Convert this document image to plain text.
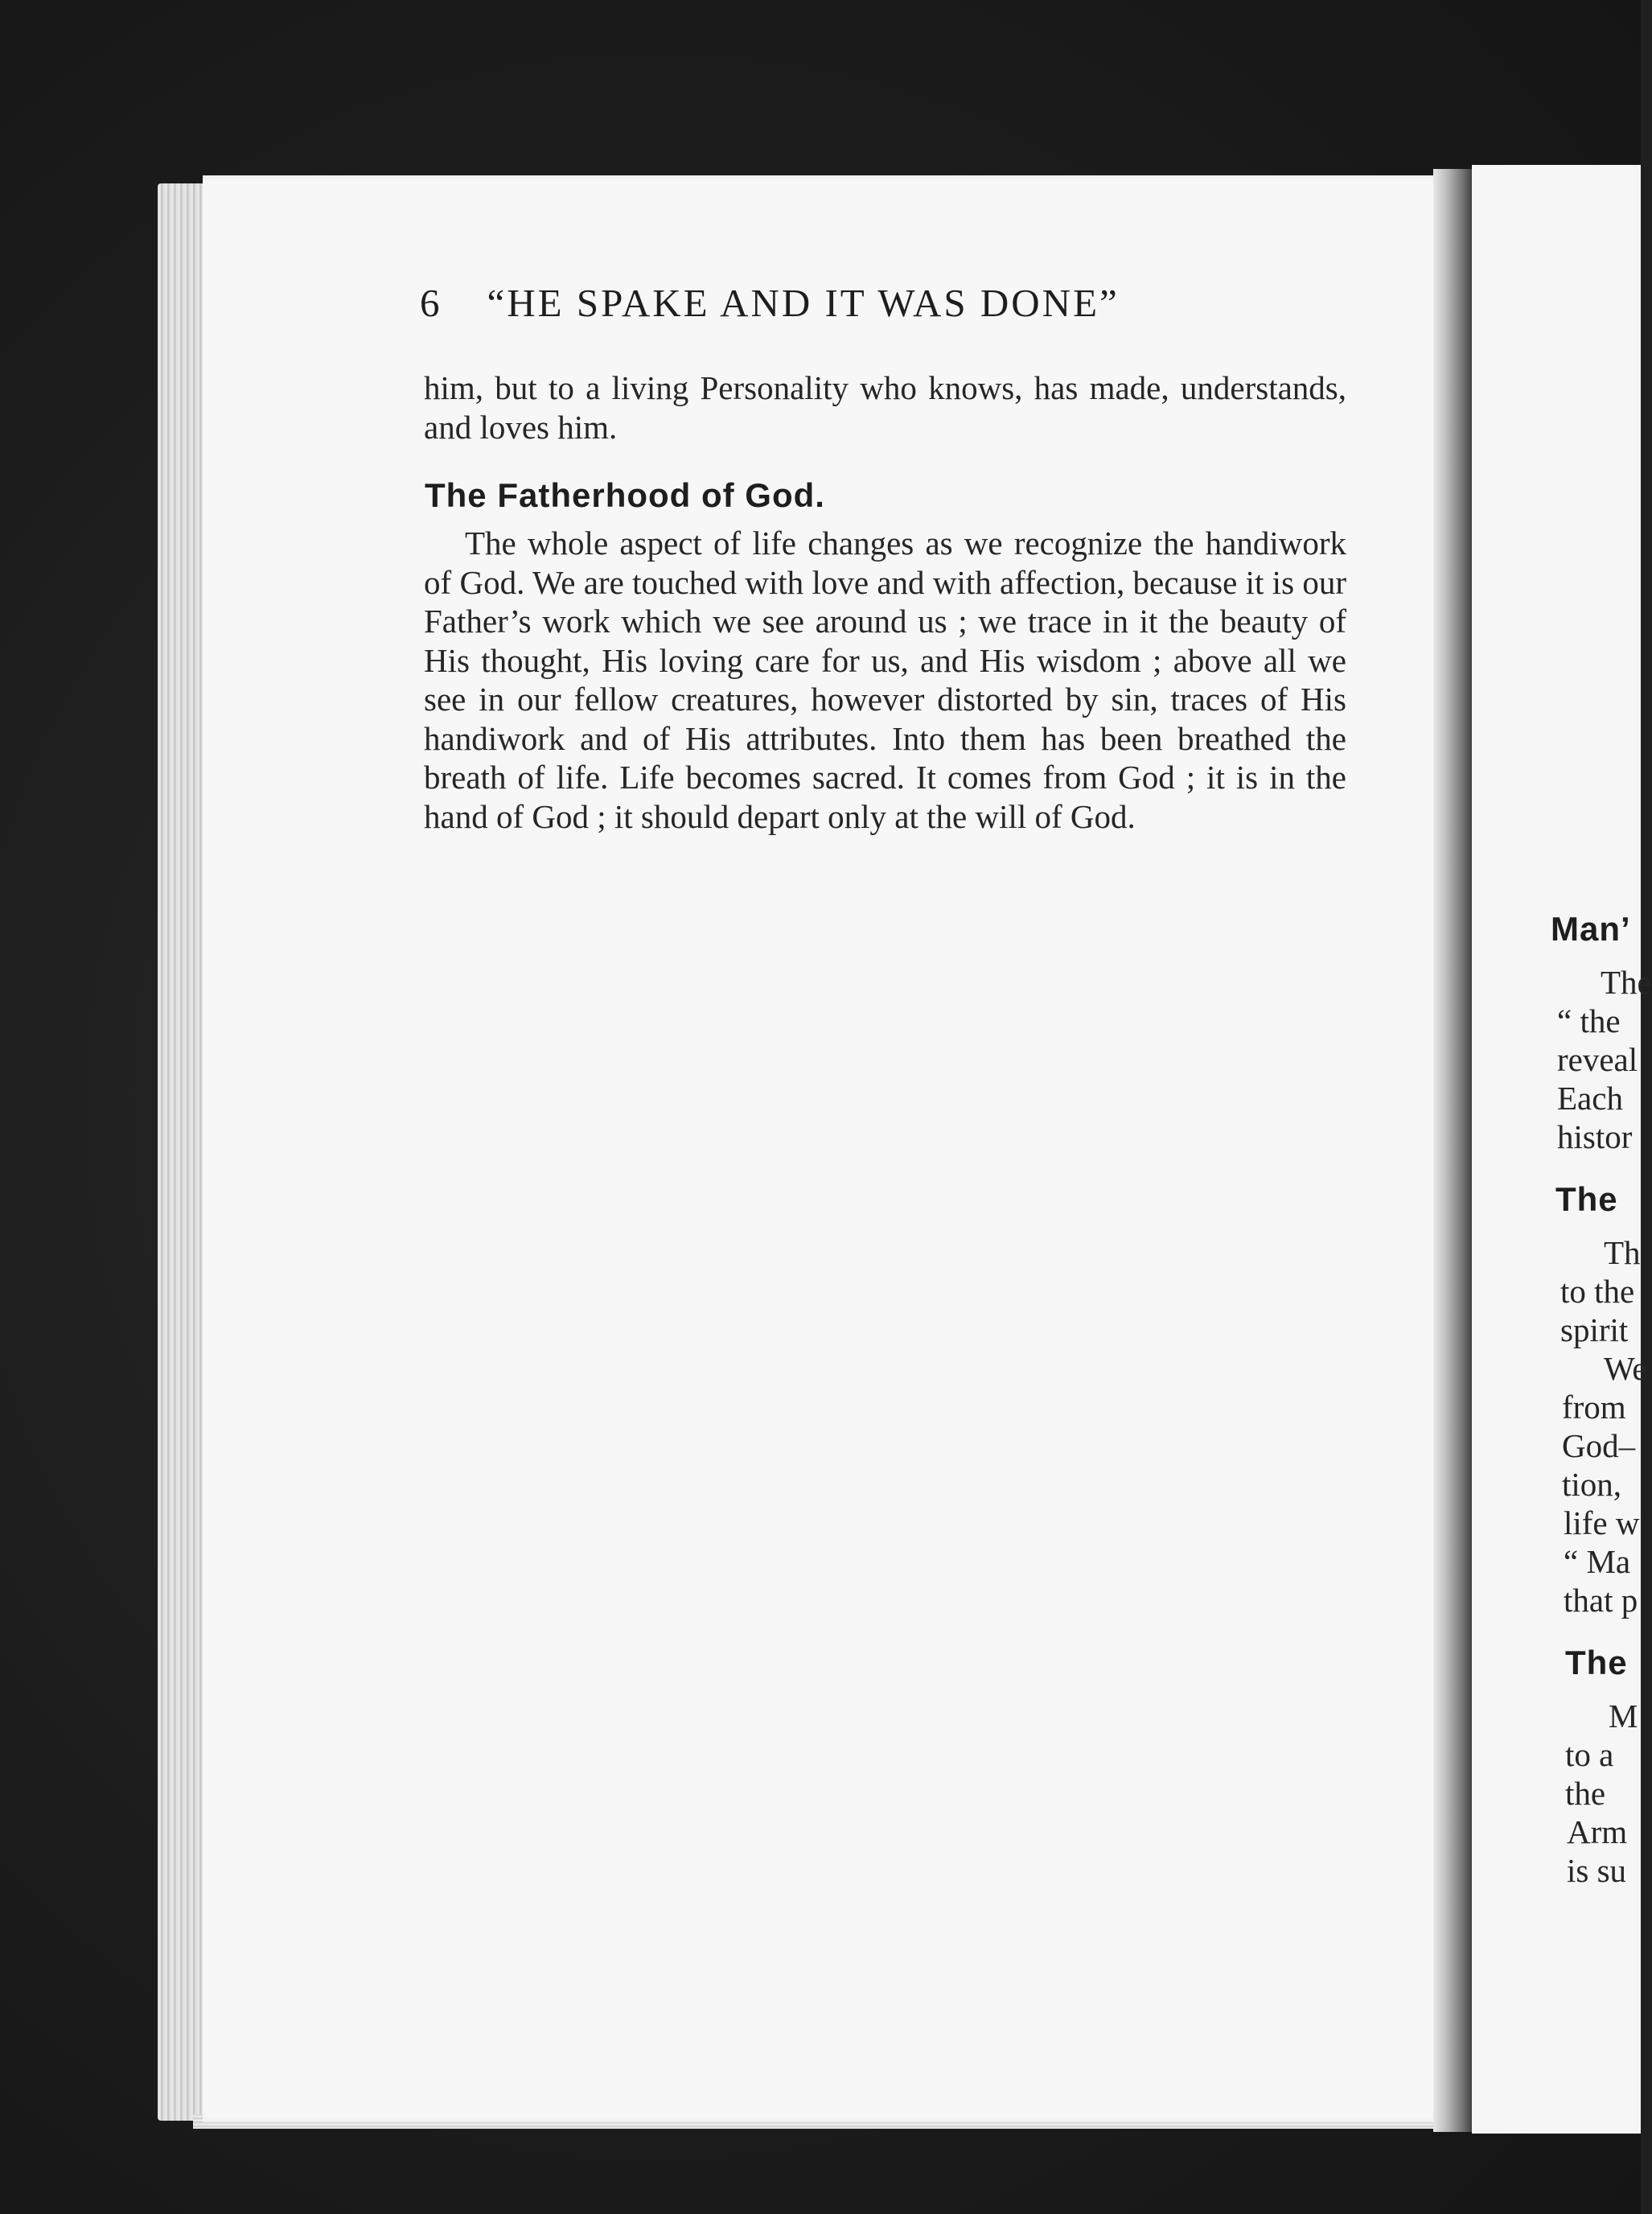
6 “HE SPAKE AND IT WAS DONE”
him, but to a living Personality who knows, has made, understands, and loves him.
The Fatherhood of God.
The whole aspect of life changes as we recognize the handiwork of God. We are touched with love and with affection, because it is our Father’s work which we see around us ; we trace in it the beauty of His thought, His loving care for us, and His wisdom ; above all we see in our fellow creatures, however distorted by sin, traces of His handiwork and of His attributes. Into them has been breathed the breath of life. Life becomes sacred. It comes from God ; it is in the hand of God ; it should depart only at the will of God.
Man’
The
“ the
reveal
Each
histor
The
Th
to the
spirit
We
from
God–
tion,
life w
“ Ma
that p
The
M
to a
the
Arm
is su
